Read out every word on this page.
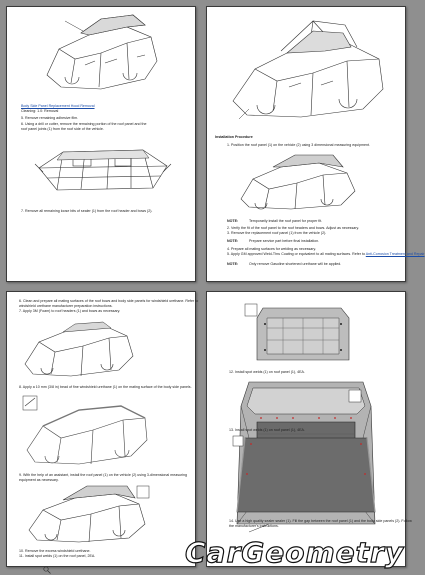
Body Side Panel Replacement Hood Removal
Cleaning: 1.0: Removal
5. Remove remaining adhesive film.
6. Using a drill or cutter, remove the remaining portion of the roof panel and the
roof panel joints (1) from the roof side of the vehicle.
7. Remove all remaining loose bits of sealer (1) from the roof header and bows (2).
Installation Procedure
1. Position the roof panel (1) on the vehicle (2) using 3 dimensional measuring equipment.
NOTE:	Temporarily install the roof panel for proper fit.
2. Verify the fit of the roof panel to the roof headers and bows. Adjust as necessary.
3. Remove the replacement roof panel (1) from the vehicle (2).
NOTE:	Prepare service part before final installation.
4. Prepare all mating surfaces for welding as necessary.
5. Apply GM approved Weld-Thru Coating or equivalent to all mating surfaces. Refer to Anti-Corrosion Treatment and Repair
NOTE:	Only remove Gasoline shortened urethane will be applied.
6. Clean and prepare all mating surfaces of the roof bows and body side panels for windshield urethane. Refer to
windshield urethane manufacturer preparation instructions.
7. Apply 3M (Foam) to roof headers (1) and bows as necessary.
8. Apply a 10 mm (3/8 in) bead of fine windshield urethane (1) on the mating surface of the body side panels.
9. With the help of an assistant, install the roof panel (1) on the vehicle (2) using 3-dimensional measuring
equipment as necessary.
10. Remove the excess windshield urethane.
11. Install spot welds (1) on the roof panel, 2EA.
12. Install spot welds (1) on roof panel (1), 4EA.
13. Install spot welds (1) on roof panel (1), 4EA.
14. Use a high quality sealer sealer (1). Fill the gap between the roof panel (1) and the body side panels (2). Follow
the manufacturer's instructions.
CarGeometry
